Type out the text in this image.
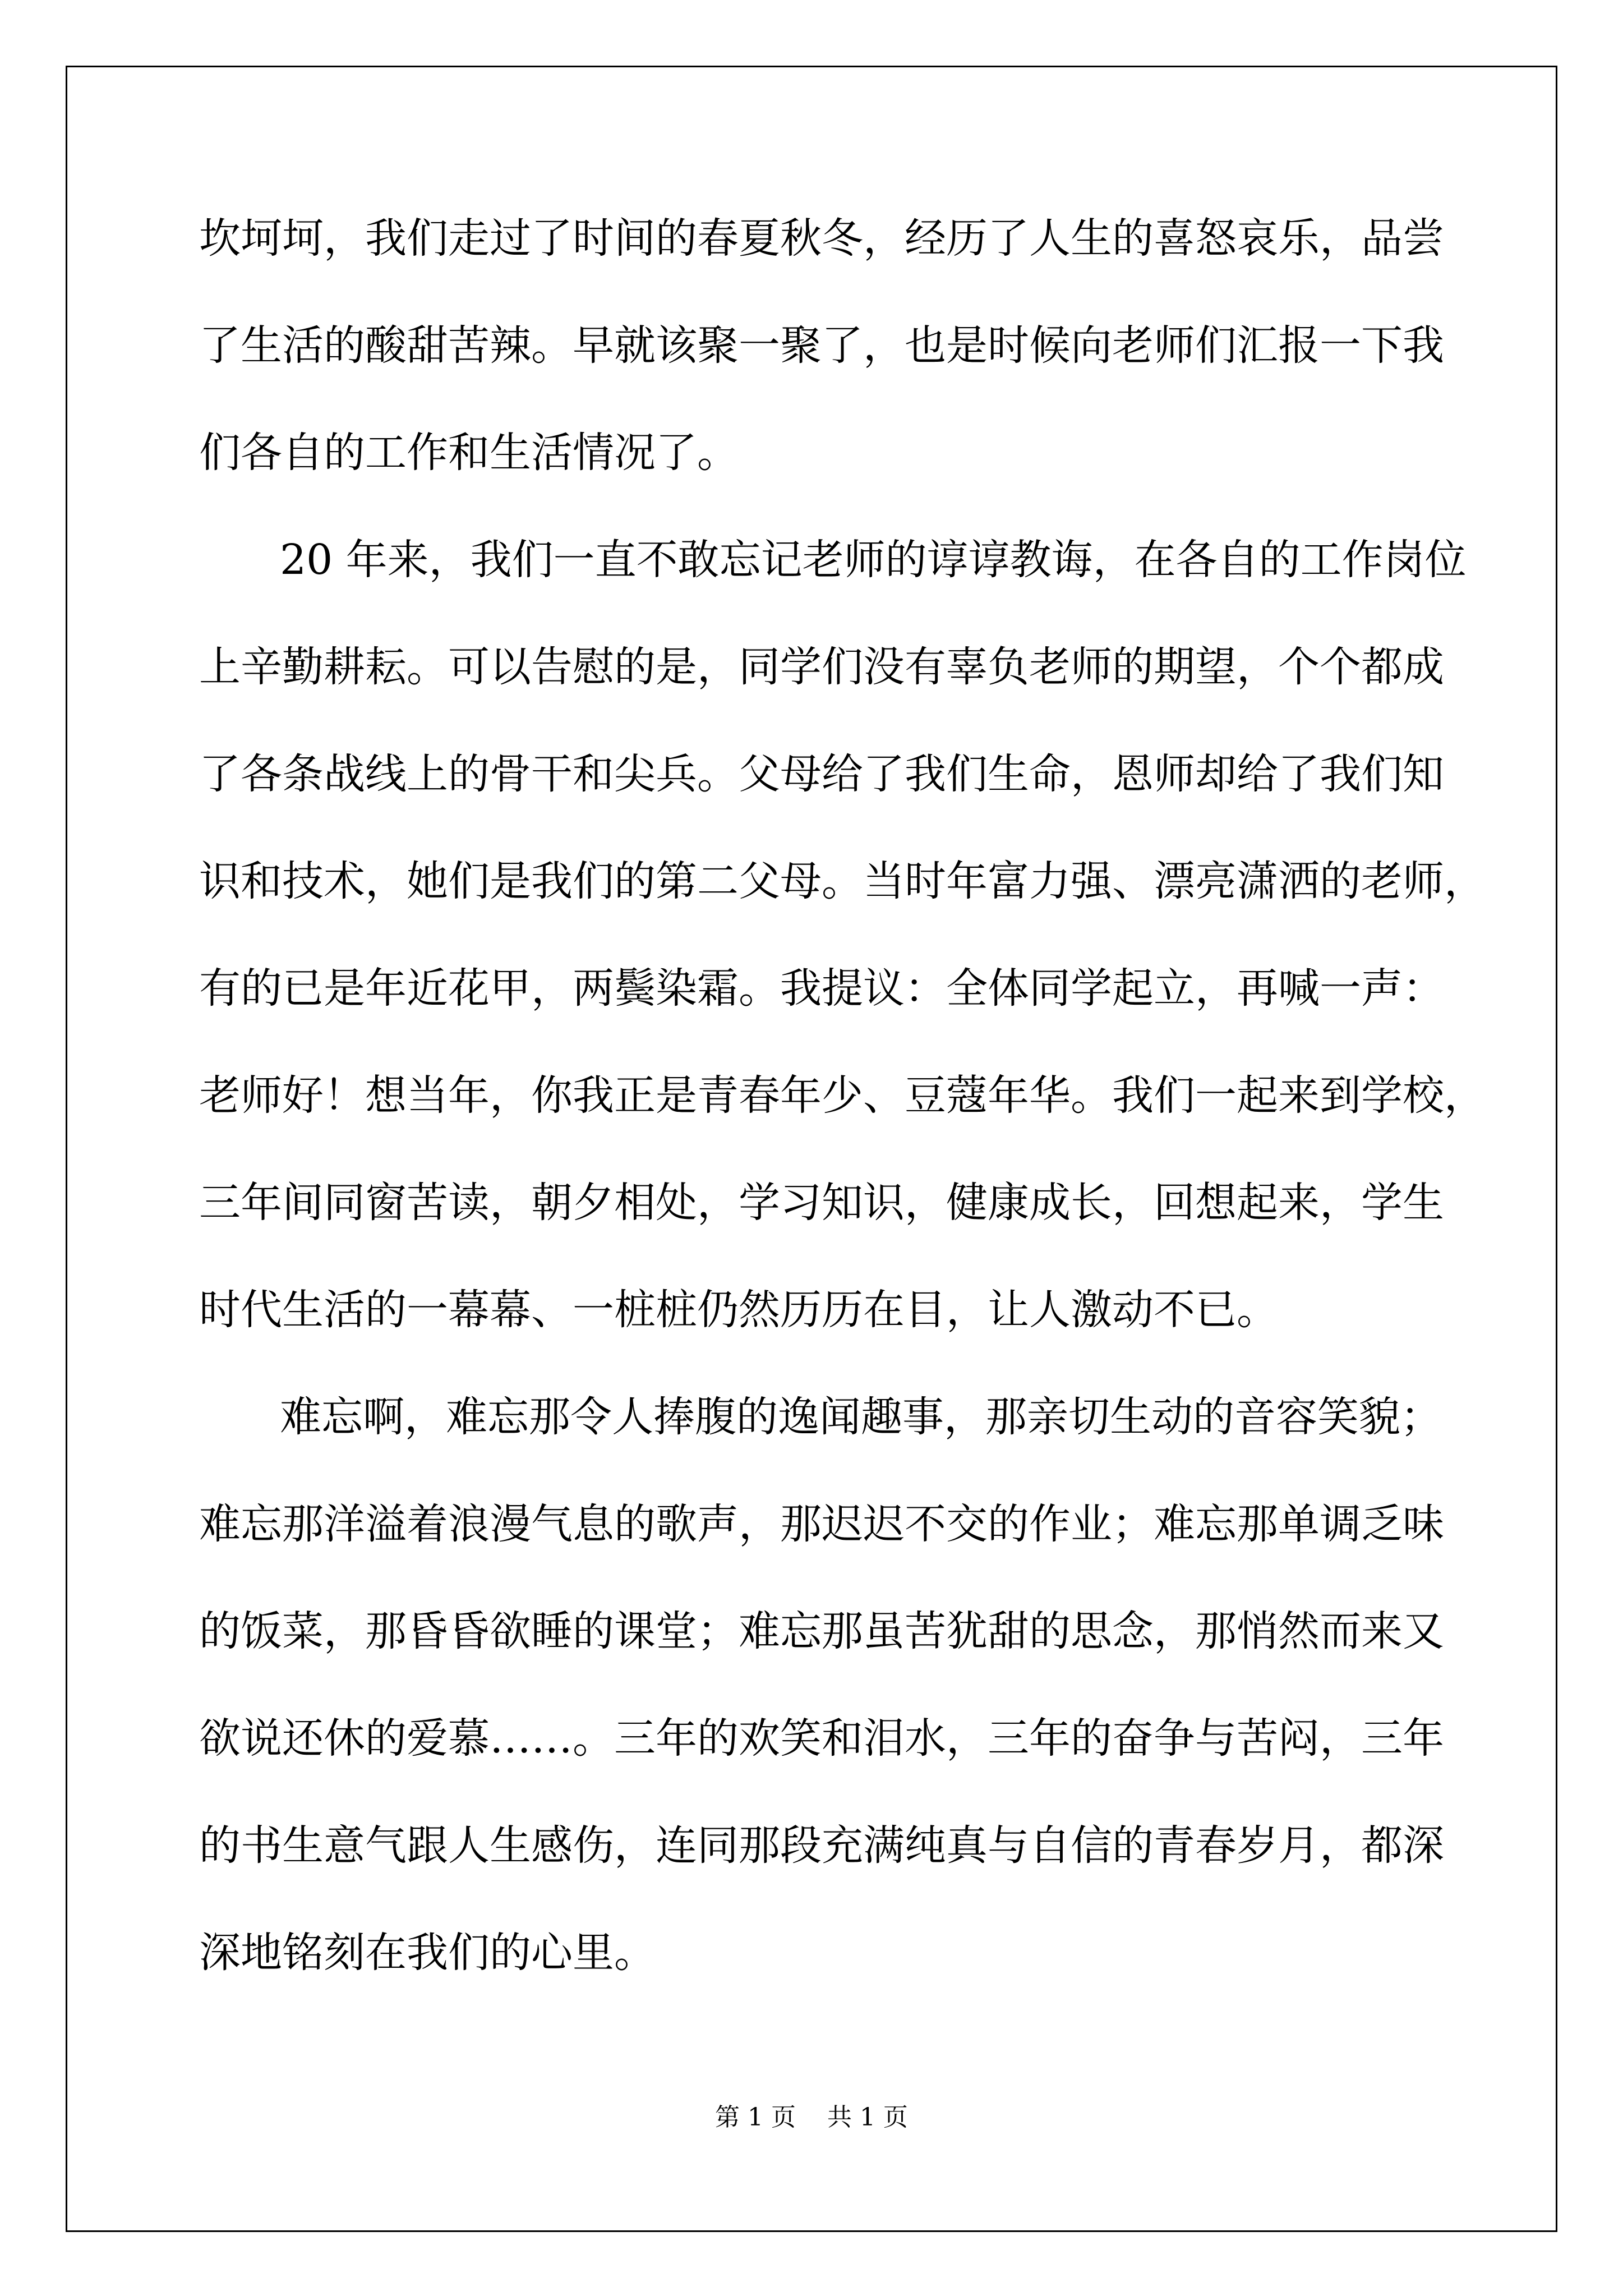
坎坷坷，我们走过了时间的春夏秋冬，经历了人生的喜怒哀乐，品尝
了生活的酸甜苦辣。早就该聚一聚了，也是时候向老师们汇报一下我
们各自的工作和生活情况了。
20 年来，我们一直不敢忘记老师的谆谆教诲，在各自的工作岗位
上辛勤耕耘。可以告慰的是，同学们没有辜负老师的期望，个个都成
了各条战线上的骨干和尖兵。父母给了我们生命，恩师却给了我们知
识和技术，她们是我们的第二父母。当时年富力强、漂亮潇洒的老师，
有的已是年近花甲，两鬓染霜。我提议：全体同学起立，再喊一声：
老师好！想当年，你我正是青春年少、豆蔻年华。我们一起来到学校，
三年间同窗苦读，朝夕相处，学习知识，健康成长，回想起来，学生
时代生活的一幕幕、一桩桩仍然历历在目，让人激动不已。
难忘啊，难忘那令人捧腹的逸闻趣事，那亲切生动的音容笑貌；
难忘那洋溢着浪漫气息的歌声，那迟迟不交的作业；难忘那单调乏味
的饭菜，那昏昏欲睡的课堂；难忘那虽苦犹甜的思念，那悄然而来又
欲说还休的爱慕……。三年的欢笑和泪水，三年的奋争与苦闷，三年
的书生意气跟人生感伤，连同那段充满纯真与自信的青春岁月，都深
深地铭刻在我们的心里。
第 1 页    共 1 页
